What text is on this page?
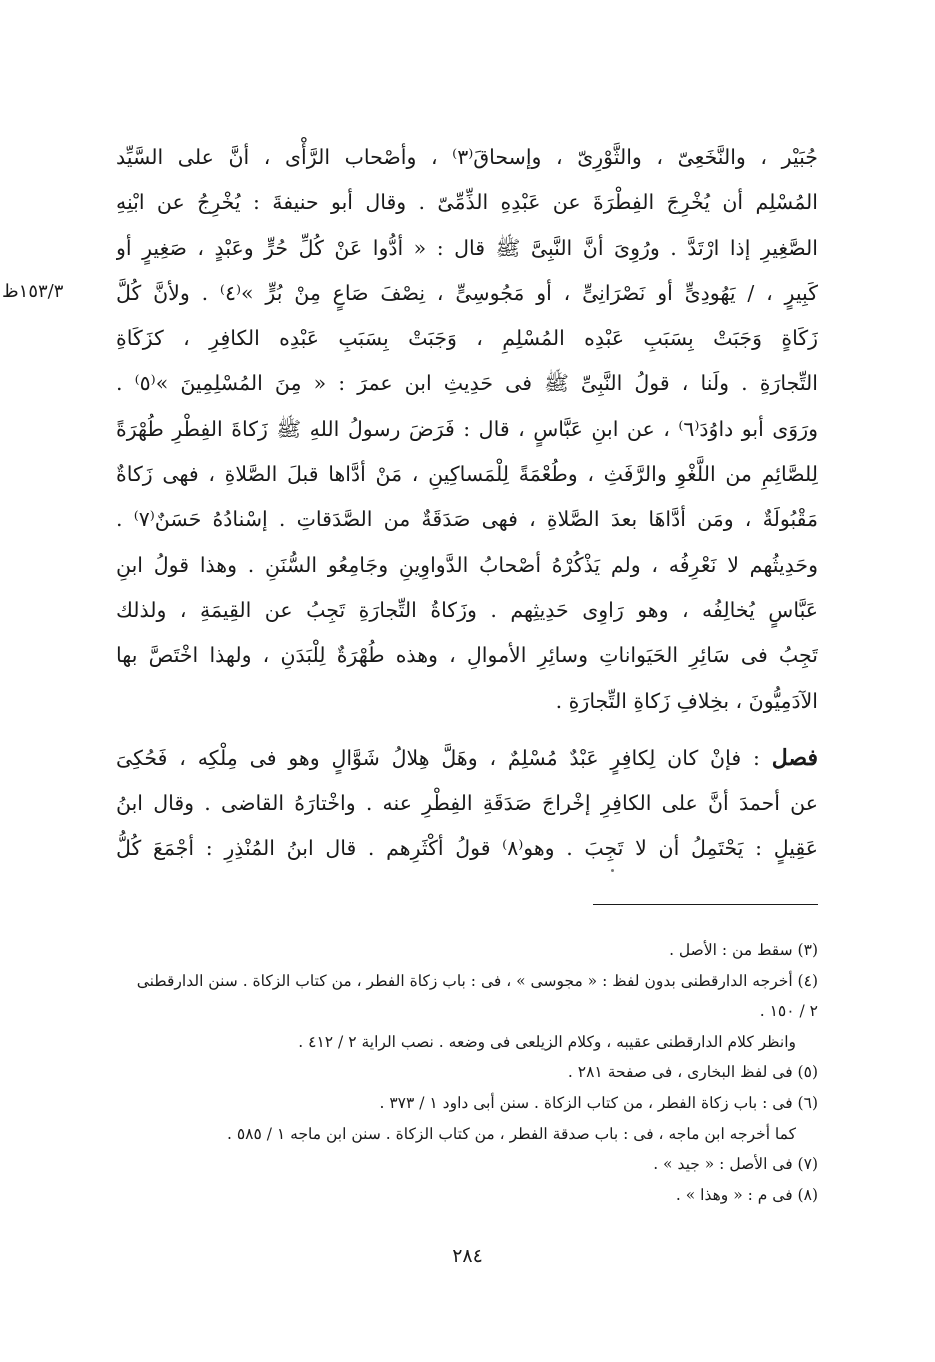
١٥٣/٣ظ
جُبَيْر ، والنَّخَعِىّ ، والثَّوْرِىّ ، وإسحاقَ⁽٣⁾ ، وأصْحاب الرَّأْى ، أنَّ على السَّيِّد
المُسْلِم أن يُخْرِجَ الفِطْرَةَ عن عَبْدِهِ الذِّمِّىّ . وقال أبو حنيفةَ : يُخْرِجُ عن ابْنِهِ
الصَّغِيرِ إذا ارْتَدَّ . ورُوِىَ أنَّ النَّبِىَّ ﷺ قال : « أدُّوا عَنْ كُلِّ حُرٍّ وعَبْدٍ ، صَغِيرٍ أو
كَبِيرٍ ، / يَهُودِىٍّ أو نَصْرَانِىٍّ ، أو مَجُوسِىٍّ ، نِصْفَ صَاعٍ مِنْ بُرٍّ »⁽٤⁾ . ولأنَّ كُلَّ
زَكَاةٍ وَجَبَتْ بِسَبَبِ عَبْدِه المُسْلِمِ ، وَجَبَتْ بِسَبَبِ عَبْدِه الكافِرِ ، كزَكَاةِ
التِّجارَةِ . ولَنا ، قولُ النَّبِىِّ ﷺ فى حَدِيثِ ابن عمرَ : « مِنَ المُسْلِمِينَ »⁽٥⁾ .
ورَوَى أبو داوُدَ⁽٦⁾ ، عن ابنِ عَبَّاسٍ ، قال : فَرَضَ رسولُ اللهِ ﷺ زَكاةَ الفِطْرِ طُهْرَةً
لِلصَّائِمِ من اللَّغْوِ والرَّفَثِ ، وطُعْمَةً لِلْمَساكِينِ ، مَنْ أدَّاها قبلَ الصَّلاةِ ، فهى زَكاةٌ
مَقْبُولَةٌ ، ومَن أدَّاهَا بعدَ الصَّلاةِ ، فهى صَدَقَةٌ من الصَّدَقاتِ . إسْنادُهُ حَسَنٌ⁽٧⁾ .
وحَدِيثُهم لا نَعْرِفُه ، ولم يَذْكُرْهُ أصْحابُ الدَّواوِينِ وجَامِعُو السُّنَنِ . وهذا قولُ ابنِ
عَبَّاسٍ يُخالِفُه ، وهو رَاوِى حَدِيثِهم . وزَكاةُ التِّجارَةِ تَجِبُ عن القِيمَةِ ، ولذلك
تَجِبُ فى سَائِرِ الحَيَواناتِ وسائِرِ الأموالِ ، وهذه طُهْرَةٌ لِلْبَدَنِ ، ولهذا اخْتَصَّ بها
الآدَمِيُّونَ ، بخِلافِ زَكاةِ التِّجارَةِ .
فصل : فإنْ كان لِكافِرٍ عَبْدٌ مُسْلِمٌ ، وهَلَّ هِلالُ شَوَّالٍ وهو فى مِلْكِه ، فَحُكِىَ
عن أحمدَ أنَّ على الكافِرِ إخْراجَ صَدَقَةِ الفِطْرِ عنه . واخْتارَهُ القاضى . وقال ابنُ
عَقِيلٍ : يَحْتَمِلُ أن لا تَجِبَ . وهو⁽٨⁾ قولُ أكْثَرِهم . قال ابنُ المُنْذِرِ : أجْمَعَ كُلُّ
(٣) سقط من : الأصل .
(٤) أخرجه الدارقطنى بدون لفظ : « مجوسى » ، فى : باب زكاة الفطر ، من كتاب الزكاة . سنن الدارقطنى
٢ / ١٥٠ .
وانظر كلام الدارقطنى عقيبه ، وكلام الزيلعى فى وضعه . نصب الراية ٢ / ٤١٢ .
(٥) فى لفظ البخارى ، فى صفحة ٢٨١ .
(٦) فى : باب زكاة الفطر ، من كتاب الزكاة . سنن أبى داود ١ / ٣٧٣ .
كما أخرجه ابن ماجه ، فى : باب صدقة الفطر ، من كتاب الزكاة . سنن ابن ماجه ١ / ٥٨٥ .
(٧) فى الأصل : « جيد » .
(٨) فى م : « وهذا » .
٢٨٤
